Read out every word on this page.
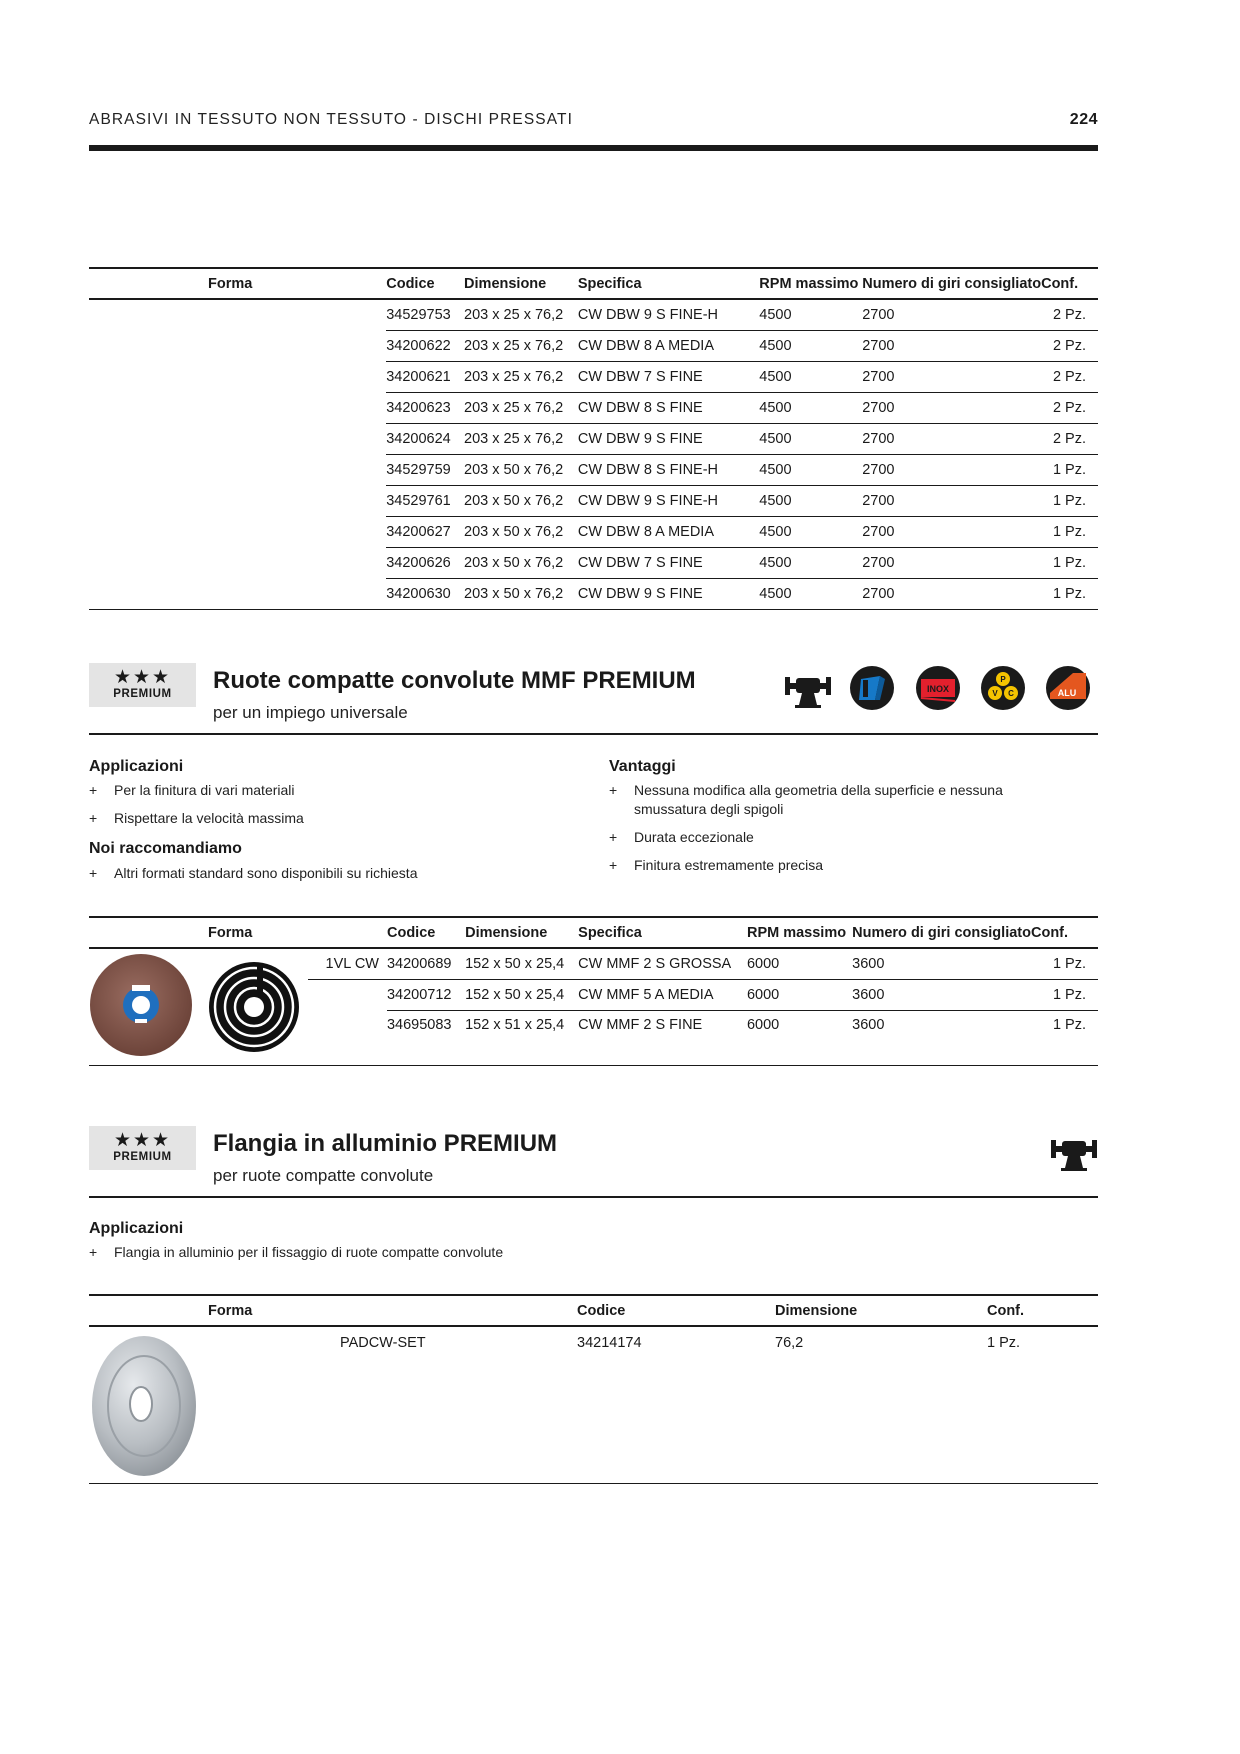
ABRASIVI IN TESSUTO NON TESSUTO - DISCHI PRESSATI	224
Forma	Codice	Dimensione	Specifica	RPM massimo	Numero di giri consigliato	Conf.
	34529753	203 x 25 x 76,2	CW DBW 9 S FINE-H	4500	2700	2 Pz.
	34200622	203 x 25 x 76,2	CW DBW 8 A MEDIA	4500	2700	2 Pz.
	34200621	203 x 25 x 76,2	CW DBW 7 S FINE	4500	2700	2 Pz.
	34200623	203 x 25 x 76,2	CW DBW 8 S FINE	4500	2700	2 Pz.
	34200624	203 x 25 x 76,2	CW DBW 9 S FINE	4500	2700	2 Pz.
	34529759	203 x 50 x 76,2	CW DBW 8 S FINE-H	4500	2700	1 Pz.
	34529761	203 x 50 x 76,2	CW DBW 9 S FINE-H	4500	2700	1 Pz.
	34200627	203 x 50 x 76,2	CW DBW 8 A MEDIA	4500	2700	1 Pz.
	34200626	203 x 50 x 76,2	CW DBW 7 S FINE	4500	2700	1 Pz.
	34200630	203 x 50 x 76,2	CW DBW 9 S FINE	4500	2700	1 Pz.
★★★
PREMIUM	Ruote compatte convolute MMF PREMIUM
per un impiego universale
INOX
P
V C	ALU
Applicazioni
+ Per la finitura di vari materiali
+ Rispettare la velocità massima
Noi raccomandiamo
+ Altri formati standard sono disponibili su richiesta
Vantaggi
+ Nessuna modifica alla geometria della superficie e nessuna
smussatura degli spigoli
+ Durata eccezionale
+ Finitura estremamente precisa
Forma			Codice	Dimensione	Specifica	RPM massimo	Numero di giri consigliato	Conf.
		1VL CW	34200689	152 x 50 x 25,4	CW MMF 2 S GROSSA	6000	3600	1 Pz.
			34200712	152 x 50 x 25,4	CW MMF 5 A MEDIA	6000	3600	1 Pz.
			34695083	152 x 51 x 25,4	CW MMF 2 S FINE	6000	3600	1 Pz.
★★★
PREMIUM	Flangia in alluminio PREMIUM
per ruote compatte convolute
Applicazioni
+ Flangia in alluminio per il fissaggio di ruote compatte convolute
Forma		Codice	Dimensione	Conf.
	PADCW-SET	34214174	76,2	1 Pz.
